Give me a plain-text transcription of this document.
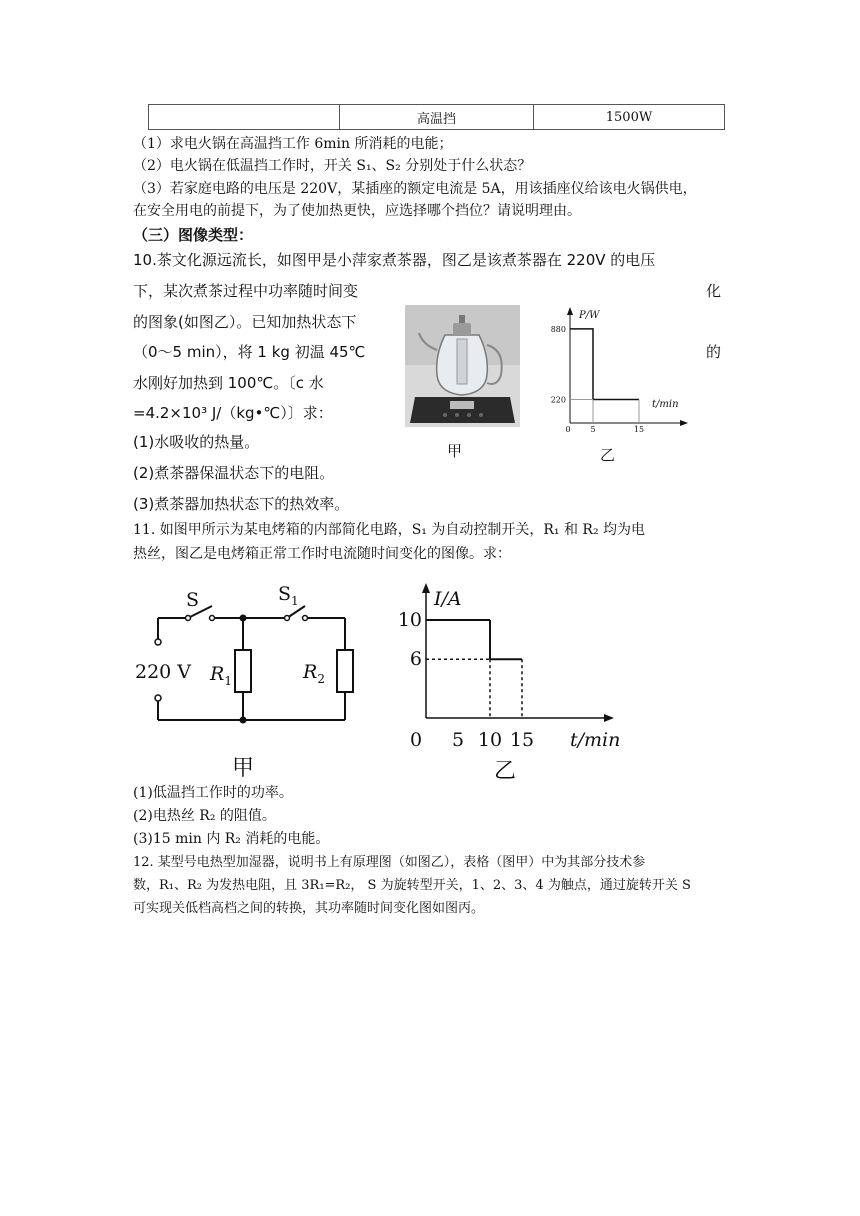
	高温挡	1500W
（1）求电火锅在高温挡工作 6min 所消耗的电能；
（2）电火锅在低温挡工作时，开关 S₁、S₂ 分别处于什么状态？
（3）若家庭电路的电压是 220V，某插座的额定电流是 5A，用该插座仪给该电火锅供电，
在安全用电的前提下，为了使加热更快，应选择哪个挡位？请说明理由。
（三）图像类型：
10.茶文化源远流长，如图甲是小萍家煮茶器，图乙是该煮茶器在 220V 的电压
下，某次煮茶过程中功率随时间变	化
的图象(如图乙）。已知加热状态下
（0～5 min），将 1 kg 初温 45℃	的
水刚好加热到 100℃。〔c 水
=4.2×10³ J/（kg•℃）〕求：
(1)水吸收的热量。
(2)煮茶器保温状态下的电阻。
(3)煮茶器加热状态下的热效率。
甲
880
220
0 5	15
P/W
t/min
乙
11. 如图甲所示为某电烤箱的内部简化电路，S₁ 为自动控制开关，R₁ 和 R₂ 均为电
热丝，图乙是电烤箱正常工作时电流随时间变化的图像。求：
S	$S_1$
220 V $R_1$	$R_2$
甲
10
6
0 5 10 15
I/A
t/min
乙
(1)低温挡工作时的功率。
(2)电热丝 R₂ 的阻值。
(3)15 min 内 R₂ 消耗的电能。
12. 某型号电热型加湿器，说明书上有原理图（如图乙），表格（图甲）中为其部分技术参
数，R₁、R₂ 为发热电阻，且 3R₁=R₂， S 为旋转型开关，1、2、3、4 为触点，通过旋转开关 S
可实现关低档高档之间的转换，其功率随时间变化图如图丙。
